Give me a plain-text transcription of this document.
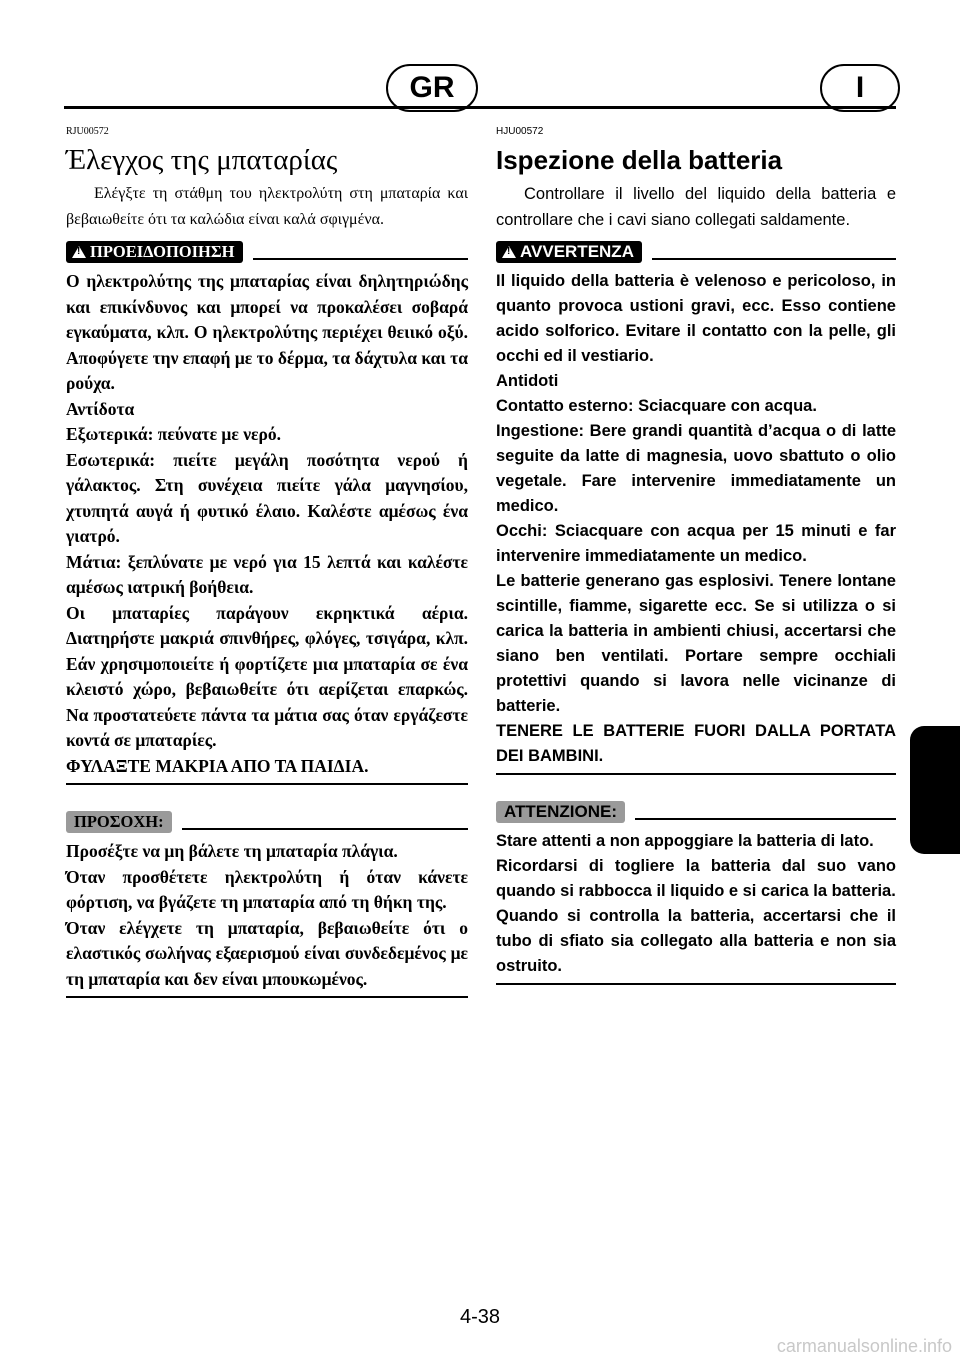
GR	I
RJU00572
Έλεγχος της μπαταρίας

Ελέγξτε τη στάθμη του ηλεκτρολύτη στη μπαταρία και βεβαιωθείτε ότι τα καλώδια είναι καλά σφιγμένα.

!
ΠΡΟΕΙΔΟΠΟΙΗΣΗ

Ο ηλεκτρολύτης της μπαταρίας είναι δηλητηριώδης και επικίνδυνος και μπορεί να προκαλέσει σοβαρά εγκαύματα, κλπ. Ο ηλεκτρολύτης περιέχει θειικό οξύ. Αποφύγετε την επαφή με το δέρμα, τα δάχτυλα και τα ρούχα.

Αντίδοτα

Εξωτερικά: πεύνατε με νερό.

Εσωτερικά: πιείτε μεγάλη ποσότητα νερού ή γάλακτος. Στη συνέχεια πιείτε γάλα μαγνησίου, χτυπητά αυγά ή φυτικό έλαιο. Καλέστε αμέσως ένα γιατρό.

Μάτια: ξεπλύνατε με νερό για 15 λεπτά και καλέστε αμέσως ιατρική βοήθεια.

Οι μπαταρίες παράγουν εκρηκτικά αέρια. Διατηρήστε μακριά σπινθήρες, φλόγες, τσιγάρα, κλπ. Εάν χρησιμοποιείτε ή φορτίζετε μια μπαταρία σε ένα κλειστό χώρο, βεβαιωθείτε ότι αερίζεται επαρκώς. Να προστατεύετε πάντα τα μάτια σας όταν εργάζεστε κοντά σε μπαταρίες.

ΦΥΛΑΞΤΕ ΜΑΚΡΙΑ ΑΠΟ ΤΑ ΠΑΙΔΙΑ.

ΠΡΟΣΟΧΗ:

Προσέξτε να μη βάλετε τη μπαταρία πλάγια.

Όταν προσθέτετε ηλεκτρολύτη ή όταν κάνετε φόρτιση, να βγάζετε τη μπαταρία από τη θήκη της.

Όταν ελέγχετε τη μπαταρία, βεβαιωθείτε ότι ο ελαστικός σωλήνας εξαερισμού είναι συνδεδεμένος με τη μπαταρία και δεν είναι μπουκωμένος.

HJU00572
Ispezione della batteria

Controllare il livello del liquido della batteria e controllare che i cavi siano collegati saldamente.

!
AVVERTENZA

Il liquido della batteria è velenoso e pericoloso, in quanto provoca ustioni gravi, ecc. Esso contiene acido solforico. Evitare il contatto con la pelle, gli occhi ed il vestiario.

Antidoti

Contatto esterno: Sciacquare con acqua.

Ingestione: Bere grandi quantità d’acqua o di latte seguite da latte di magnesia, uovo sbattuto o olio vegetale. Fare intervenire immediatamente un medico.

Occhi: Sciacquare con acqua per 15 minuti e far intervenire immediatamente un medico.

Le batterie generano gas esplosivi. Tenere lontane scintille, fiamme, sigarette ecc. Se si utilizza o si carica la batteria in ambienti chiusi, accertarsi che siano ben ventilati. Portare sempre occhiali protettivi quando si lavora nelle vicinanze di batterie.

TENERE LE BATTERIE FUORI DALLA PORTATA DEI BAMBINI.

ATTENZIONE:

Stare attenti a non appoggiare la batteria di lato.

Ricordarsi di togliere la batteria dal suo vano quando si rabbocca il liquido e si carica la batteria.

Quando si controlla la batteria, accertarsi che il tubo di sfiato sia collegato alla batteria e non sia ostruito.

4-38
carmanualsonline.info
